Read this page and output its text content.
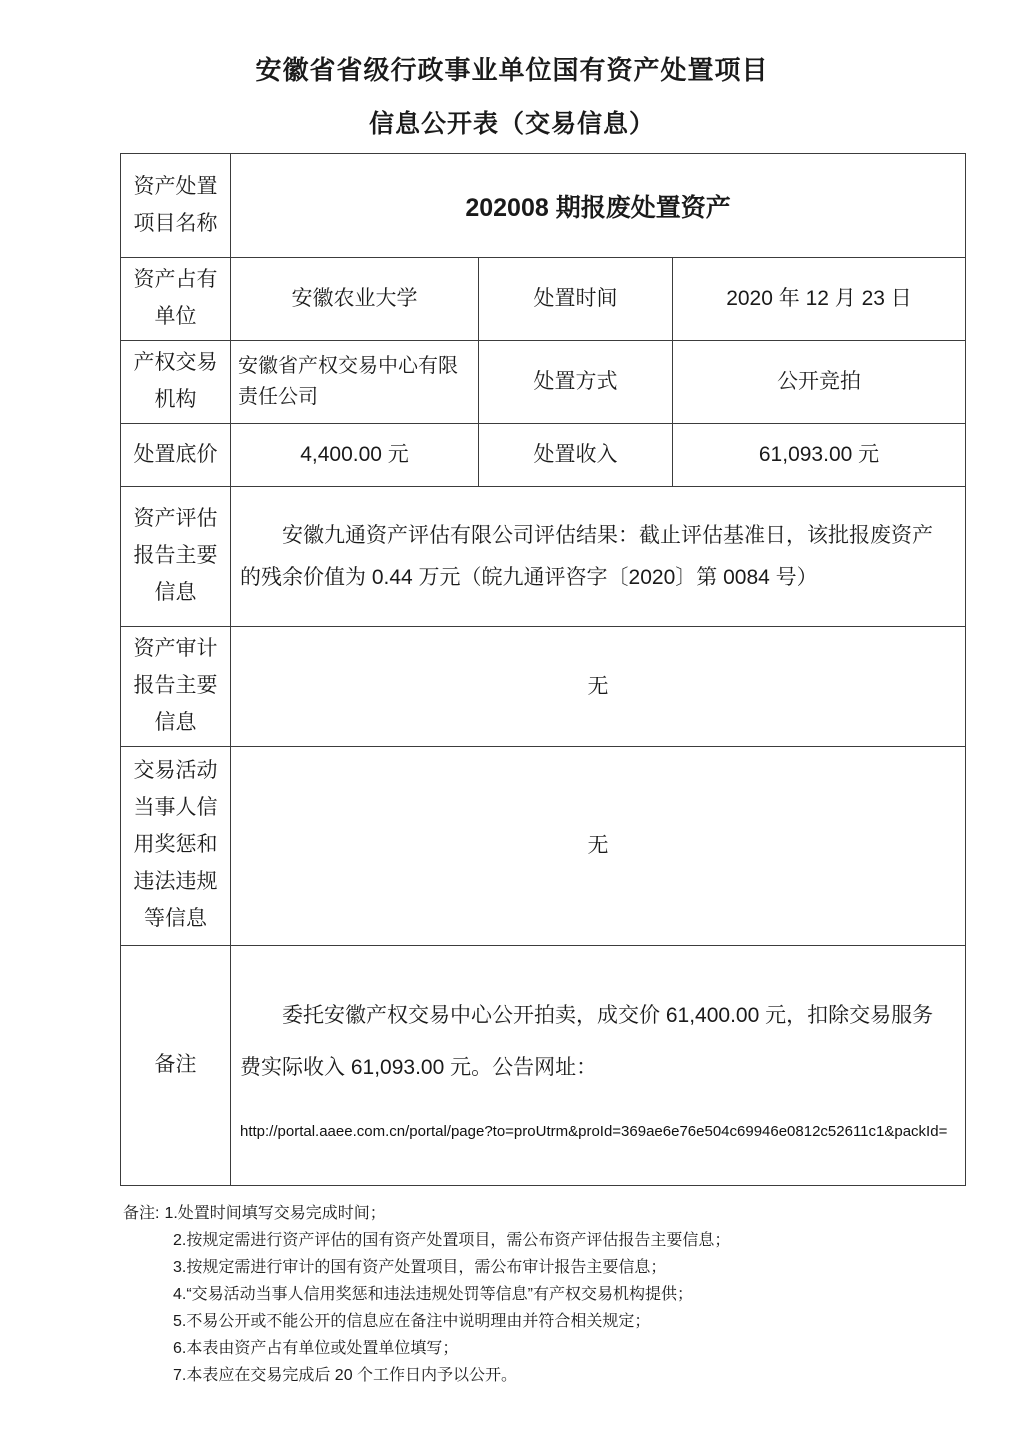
安徽省省级行政事业单位国有资产处置项目
信息公开表（交易信息）
资产处置项目名称	202008 期报废处置资产		
资产占有单位	安徽农业大学	处置时间	2020 年 12 月 23 日
产权交易机构	安徽省产权交易中心有限责任公司	处置方式	公开竞拍
处置底价	4,400.00 元	处置收入	61,093.00 元
资产评估报告主要信息	安徽九通资产评估有限公司评估结果：截止评估基准日，该批报废资产的残余价值为 0.44 万元（皖九通评咨字〔2020〕第 0084 号）		

资产审计报告主要信息	无		
交易活动当事人信用奖惩和违法违规等信息	无		
备注	委托安徽产权交易中心公开拍卖，成交价 61,400.00 元，扣除交易服务费实际收入 61,093.00 元。公告网址：

http://portal.aaee.com.cn/portal/page?to=proUtrm&proId=369ae6e76e504c69946e0812c52611c1&packId=		

备注: 1.处置时间填写交易完成时间；
2.按规定需进行资产评估的国有资产处置项目，需公布资产评估报告主要信息；
3.按规定需进行审计的国有资产处置项目，需公布审计报告主要信息；
4.“交易活动当事人信用奖惩和违法违规处罚等信息”有产权交易机构提供；
5.不易公开或不能公开的信息应在备注中说明理由并符合相关规定；
6.本表由资产占有单位或处置单位填写；
7.本表应在交易完成后 20 个工作日内予以公开。
